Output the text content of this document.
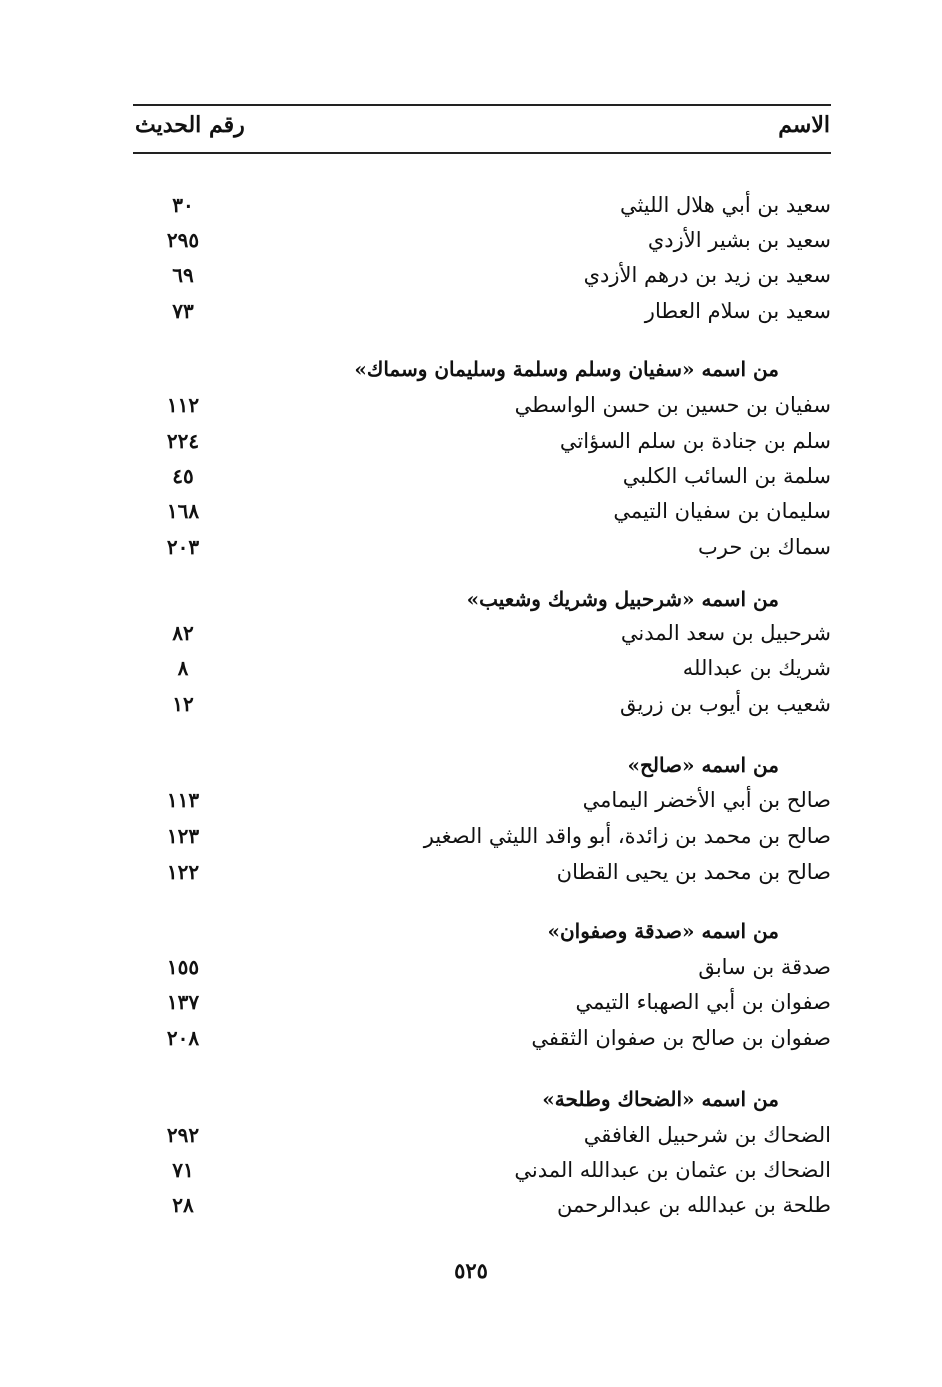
الاسم
رقم الحديث
سعيد بن أبي هلال الليثي
٣٠
سعيد بن بشير الأزدي
٢٩٥
سعيد بن زيد بن درهم الأزدي
٦٩
سعيد بن سلام العطار
٧٣
من اسمه «سفيان وسلم وسلمة وسليمان وسماك»
سفيان بن حسين بن حسن الواسطي
١١٢
سلم بن جنادة بن سلم السؤاتي
٢٢٤
سلمة بن السائب الكلبي
٤٥
سليمان بن سفيان التيمي
١٦٨
سماك بن حرب
٢٠٣
من اسمه «شرحبيل وشريك وشعيب»
شرحبيل بن سعد المدني
٨٢
شريك بن عبدالله
٨
شعيب بن أيوب بن زريق
١٢
من اسمه «صالح»
صالح بن أبي الأخضر اليمامي
١١٣
صالح بن محمد بن زائدة، أبو واقد الليثي الصغير
١٢٣
صالح بن محمد بن يحيى القطان
١٢٢
من اسمه «صدقة وصفوان»
صدقة بن سابق
١٥٥
صفوان بن أبي الصهباء التيمي
١٣٧
صفوان بن صالح بن صفوان الثقفي
٢٠٨
من اسمه «الضحاك وطلحة»
الضحاك بن شرحبيل الغافقي
٢٩٢
الضحاك بن عثمان بن عبدالله المدني
٧١
طلحة بن عبدالله بن عبدالرحمن
٢٨
٥٢٥
